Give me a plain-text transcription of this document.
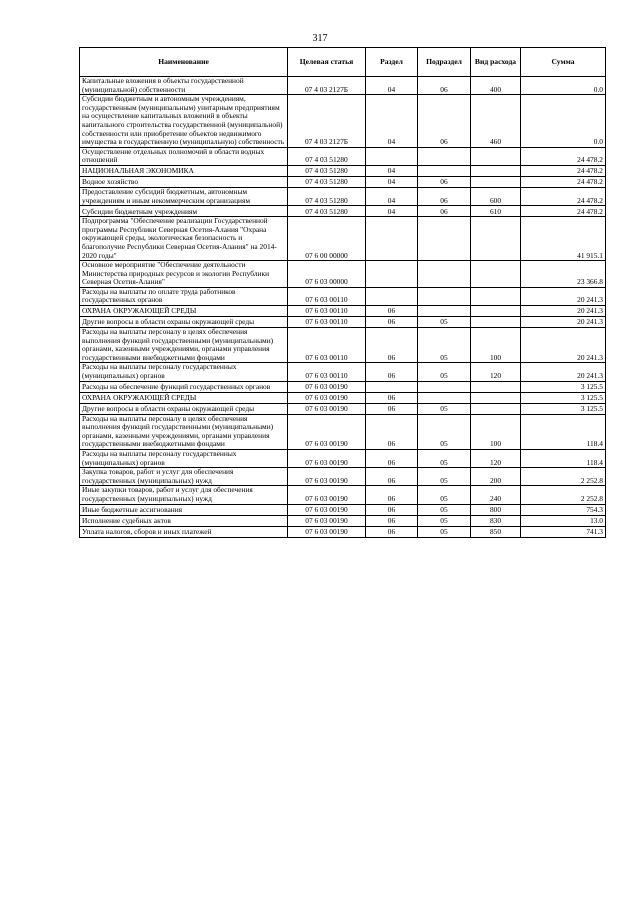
317
Наименование	Целевая статья	Раздел	Подраздел	Вид расхода	Сумма
Капитальные вложения в объекты государственной (муниципальной) собственности	07 4 03 2127Б	04	06	400	0.0
Субсидии бюджетным и автономным учреждениям, государственным (муниципальным) унитарным предприятиям на осуществление капитальных вложений в объекты капитального строительства государственной (муниципальной) собственности или приобретение объектов недвижимого имущества в государственную (муниципальную) собственность	07 4 03 2127Б	04	06	460	0.0
Осуществление отдельных полномочий в области водных отношений	07 4 03 51280				24 478.2
НАЦИОНАЛЬНАЯ ЭКОНОМИКА	07 4 03 51280	04			24 478.2
Водное хозяйство	07 4 03 51280	04	06		24 478.2
Предоставление субсидий бюджетным, автономным учреждениям и иным некоммерческим организациям	07 4 03 51280	04	06	600	24 478.2
Субсидии бюджетным учреждениям	07 4 03 51280	04	06	610	24 478.2
Подпрограмма "Обеспечение реализации Государственной программы Республики Северная Осетия-Алания "Охрана окружающей среды, экологическая безопасность и благополучие Республики Северная Осетия-Алания" на 2014-2020 годы"	07 6 00 00000				41 915.1
Основное мероприятие "Обеспечение деятельности Министерства природных ресурсов и экологии Республики Северная Осетия-Алания"	07 6 03 00000				23 366.8
Расходы на выплаты по оплате труда работников государственных органов	07 6 03 00110				20 241.3
ОХРАНА ОКРУЖАЮЩЕЙ СРЕДЫ	07 6 03 00110	06			20 241.3
Другие вопросы в области охраны окружающей среды	07 6 03 00110	06	05		20 241.3
Расходы на выплаты персоналу в целях обеспечения выполнения функций государственными (муниципальными) органами, казенными учреждениями, органами управления государственными внебюджетными фондами	07 6 03 00110	06	05	100	20 241.3
Расходы на выплаты персоналу государственных (муниципальных) органов	07 6 03 00110	06	05	120	20 241.3
Расходы на обеспечение функций государственных органов	07 6 03 00190				3 125.5
ОХРАНА ОКРУЖАЮЩЕЙ СРЕДЫ	07 6 03 00190	06			3 125.5
Другие вопросы в области охраны окружающей среды	07 6 03 00190	06	05		3 125.5
Расходы на выплаты персоналу в целях обеспечения выполнения функций государственными (муниципальными) органами, казенными учреждениями, органами управления государственными внебюджетными фондами	07 6 03 00190	06	05	100	118.4
Расходы на выплаты персоналу государственных (муниципальных) органов	07 6 03 00190	06	05	120	118.4
Закупка товаров, работ и услуг для обеспечения государственных (муниципальных) нужд	07 6 03 00190	06	05	200	2 252.8
Иные закупки товаров, работ и услуг для обеспечения государственных (муниципальных) нужд	07 6 03 00190	06	05	240	2 252.8
Иные бюджетные ассигнования	07 6 03 00190	06	05	800	754.3
Исполнение судебных актов	07 6 03 00190	06	05	830	13.0
Уплата налогов, сборов и иных платежей	07 6 03 00190	06	05	850	741.3
